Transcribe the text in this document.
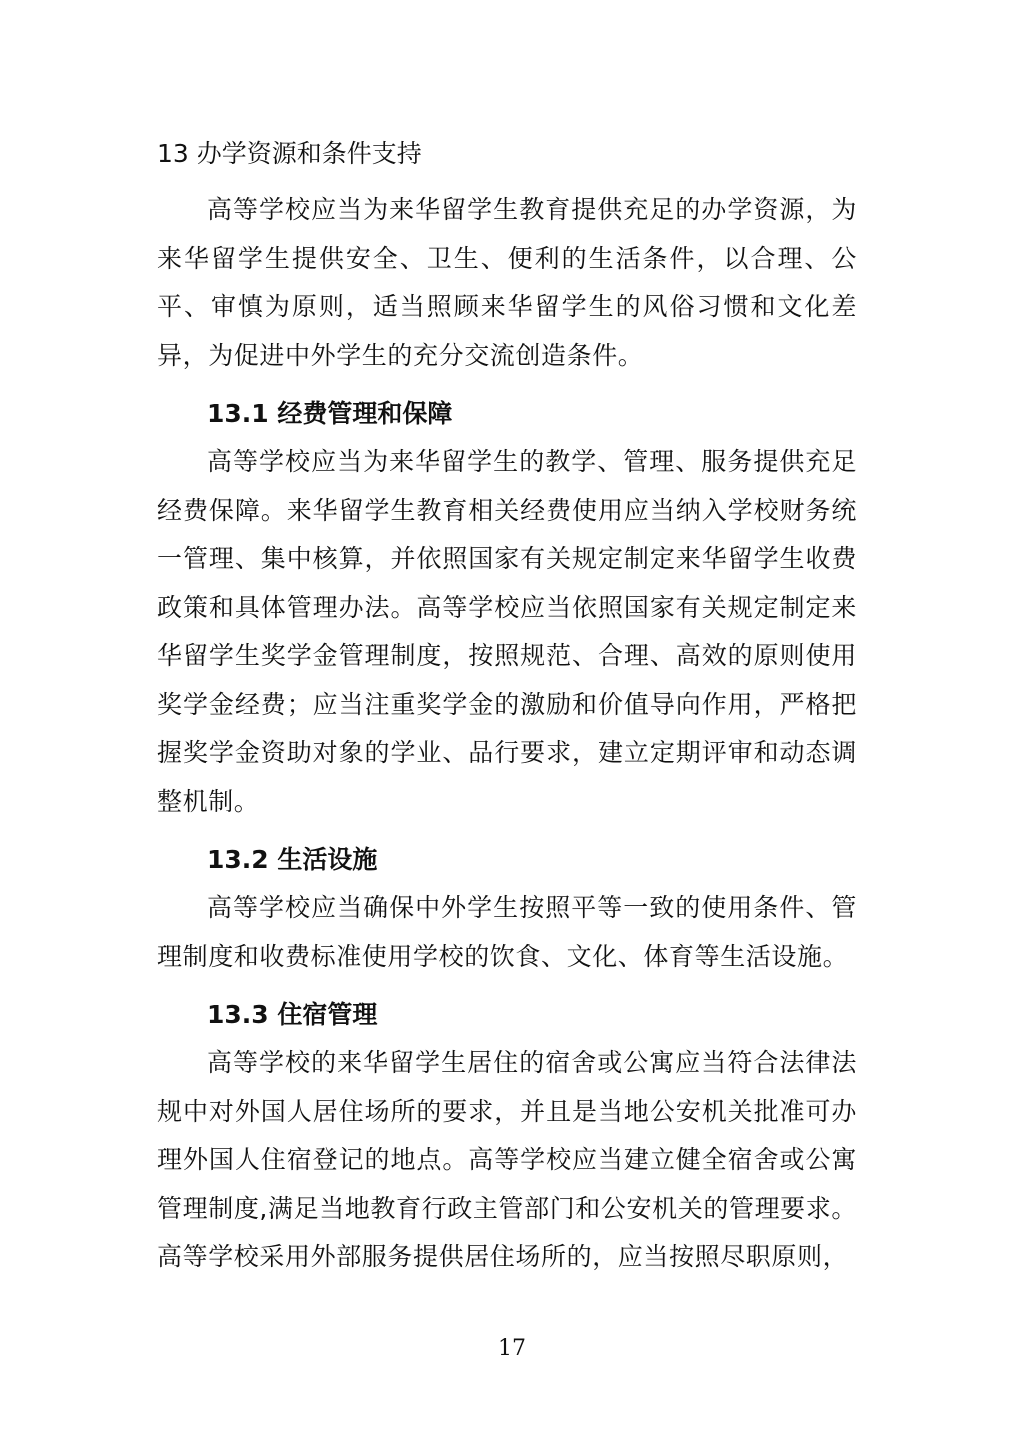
13 办学资源和条件支持

高等学校应当为来华留学生教育提供充足的办学资源，为来华留学生提供安全、卫生、便利的生活条件，以合理、公平、审慎为原则，适当照顾来华留学生的风俗习惯和文化差异，为促进中外学生的充分交流创造条件。

13.1 经费管理和保障

高等学校应当为来华留学生的教学、管理、服务提供充足经费保障。来华留学生教育相关经费使用应当纳入学校财务统一管理、集中核算，并依照国家有关规定制定来华留学生收费政策和具体管理办法。高等学校应当依照国家有关规定制定来华留学生奖学金管理制度，按照规范、合理、高效的原则使用奖学金经费；应当注重奖学金的激励和价值导向作用，严格把握奖学金资助对象的学业、品行要求，建立定期评审和动态调整机制。

13.2 生活设施

高等学校应当确保中外学生按照平等一致的使用条件、管理制度和收费标准使用学校的饮食、文化、体育等生活设施。

13.3 住宿管理

高等学校的来华留学生居住的宿舍或公寓应当符合法律法规中对外国人居住场所的要求，并且是当地公安机关批准可办理外国人住宿登记的地点。高等学校应当建立健全宿舍或公寓管理制度,满足当地教育行政主管部门和公安机关的管理要求。高等学校采用外部服务提供居住场所的，应当按照尽职原则，

17
